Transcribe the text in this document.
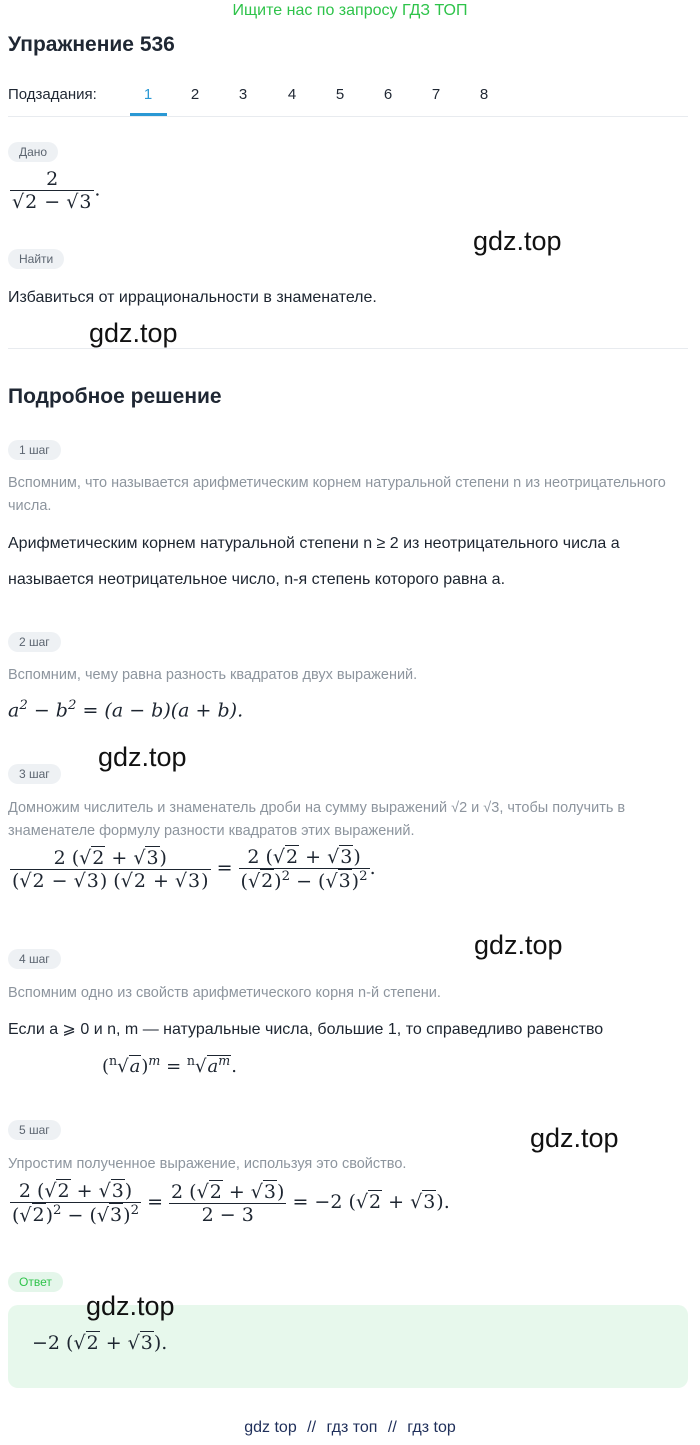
Ищите нас по запросу ГДЗ ТОП
Упражнение 536
Подзадания:	1	2	3	4	5	6	7	8
Дано
$\frac{2}{√2 - √3}$ .
Найти
Избавиться от иррациональности в знаменателе.
Подробное решение
1 шаг
Вспомним, что называется арифметическим корнем натуральной степени n из неотрицательного числа.
Арифметическим корнем натуральной степени n ≥ 2 из неотрицательного числа a называется неотрицательное число, n-я степень которого равна a.
2 шаг
Вспомним, чему равна разность квадратов двух выражений.
$a^2 - b^2 = (a - b)(a + b)$.
3 шаг
Домножим числитель и знаменатель дроби на сумму выражений √2 и √3, чтобы получить в знаменателе формулу разности квадратов этих выражений.
$\frac{2 (√2 + √3)}{(√2 - √3) (√2 + √3)} = \frac{2 (√2 + √3)}{(√2)^2 - (√3)^2}$ .
4 шаг
Вспомним одно из свойств арифметического корня n-й степени.
Если a ⩾ 0 и n, m — натуральные числа, большие 1, то справедливо равенство
$(^n√a)^m = ^n√a^m$.
5 шаг
Упростим полученное выражение, используя это свойство.
$\frac{2 (√2 + √3)}{(√2)^2 - (√3)^2} = \frac{2 (√2 + √3)}{2 - 3} = -2$ (√2 + √3).
Ответ
−2 (√2 + √3).
gdz.top
gdz.top
gdz.top
gdz.top
gdz.top
gdz.top
gdz top // гдз топ // гдз top
